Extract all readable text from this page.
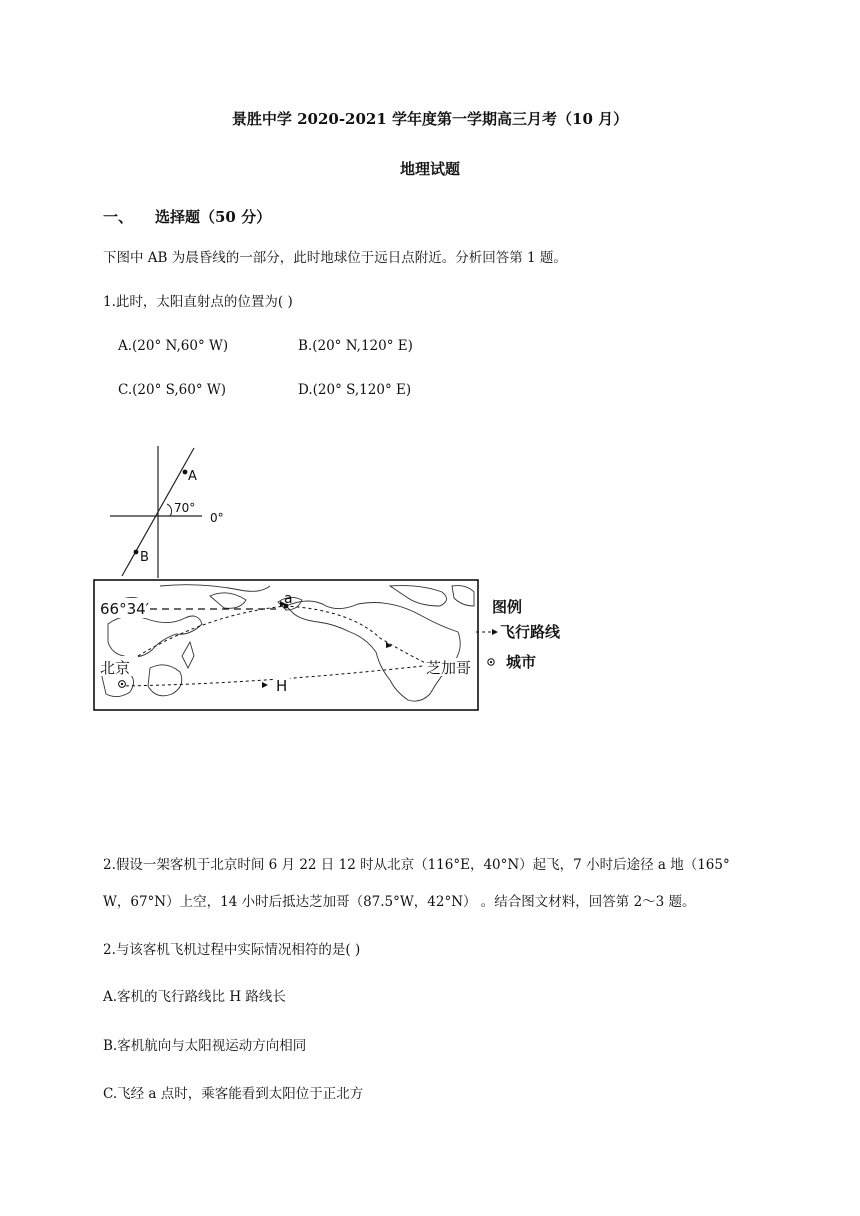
景胜中学 2020-2021 学年度第一学期高三月考（10 月）
地理试题
一、 选择题（50 分）
下图中 AB 为晨昏线的一部分，此时地球位于远日点附近。分析回答第 1 题。
1.此时，太阳直射点的位置为( )
A.(20° N,60° W)	B.(20° N,120° E)
C.(20° S,60° W)	D.(20° S,120° E)
A
B
70°
0°
66°34′
a
北京	芝加哥
H
图例
飞行路线
城市
2.假设一架客机于北京时间 6 月 22 日 12 时从北京（116°E，40°N）起飞，7 小时后途径 a 地（165°
W，67°N）上空，14 小时后抵达芝加哥（87.5°W，42°N） 。结合图文材料，回答第 2～3 题。
2.与该客机飞机过程中实际情况相符的是( )
A.客机的飞行路线比 H 路线长
B.客机航向与太阳视运动方向相同
C.飞经 a 点时，乘客能看到太阳位于正北方
